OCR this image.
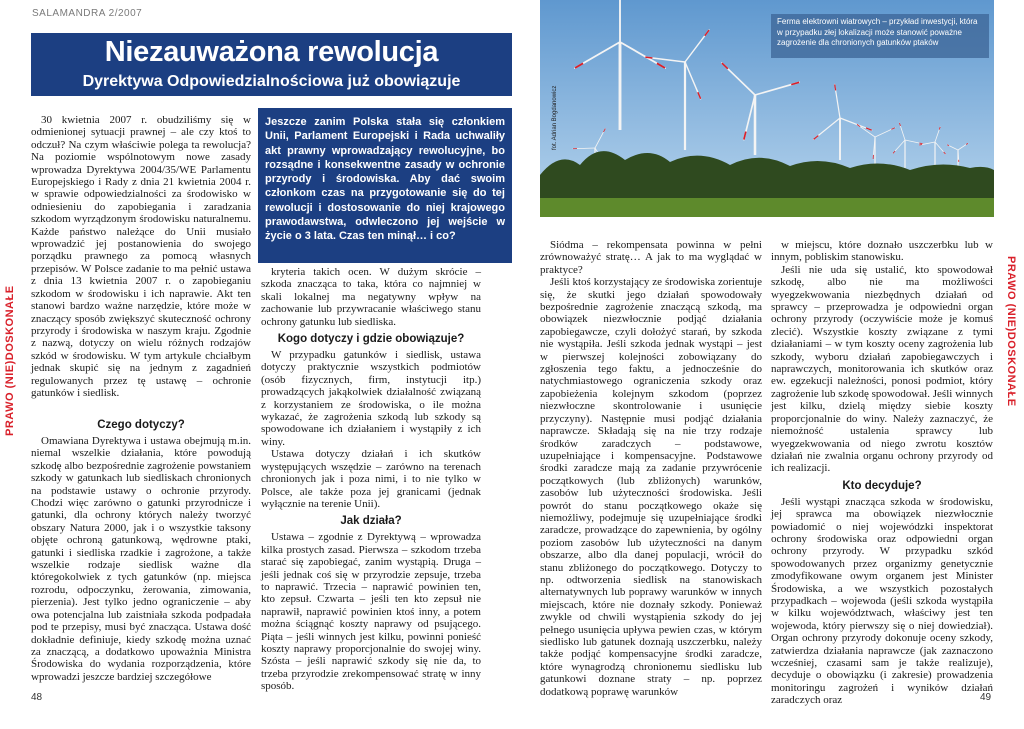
SALAMANDRA 2/2007
Niezauważona rewolucja
Dyrektywa Odpowiedzialnościowa już obowiązuje
PRAWO (NIE)DOSKONAŁE	PRAWO (NIE)DOSKONAŁE

30 kwietnia 2007 r. obudziliśmy się w odmienionej sytuacji prawnej – ale czy ktoś to odczuł? Na czym właściwie polega ta rewolucja? Na poziomie wspólnotowym nowe zasady wprowadza Dyrektywa 2004/35/WE Parlamentu Europejskiego i Rady z dnia 21 kwietnia 2004 r. w sprawie odpowiedzialności za środowisko w odniesieniu do zapobiegania i zaradzania szkodom wyrządzonym środowisku naturalnemu. Każde państwo należące do Unii musiało wprowadzić jej postanowienia do swojego porządku prawnego za pomocą własnych przepisów. W Polsce zadanie to ma pełnić ustawa z dnia 13 kwietnia 2007 r. o zapobieganiu szkodom w środowisku i ich naprawie. Akt ten stanowi bardzo ważne narzędzie, które może w znaczący sposób zwiększyć skuteczność ochrony przyrody i środowiska w naszym kraju. Zgodnie z nazwą, dotyczy on wielu różnych rodzajów szkód w środowisku. W tym artykule chciałbym jednak skupić się na jednym z zagadnień regulowanych przez tę ustawę – ochronie gatunków i siedlisk.

Czego dotyczy?

Omawiana Dyrektywa i ustawa obejmują m.in. niemal wszelkie działania, które powodują szkodę albo bezpośrednie zagrożenie powstaniem szkody w gatunkach lub siedliskach chronionych na podstawie ustawy o ochronie przyrody. Chodzi więc zarówno o gatunki przyrodnicze i gatunki, dla ochrony których należy tworzyć obszary Natura 2000, jak i o wszystkie taksony objęte ochroną gatunkową, wędrowne ptaki, gatunki i siedliska rzadkie i zagrożone, a także wszelkie rodzaje siedlisk ważne dla któregokolwiek z tych gatunków (np. miejsca rozrodu, odpoczynku, żerowania, zimowania, pierzenia). Jest tylko jedno ograniczenie – aby owa potencjalna lub zaistniała szkoda podpadała pod te przepisy, musi być znacząca. Ustawa dość dokładnie definiuje, kiedy szkodę można uznać za znaczącą, a dodatkowo upoważnia Ministra Środowiska do wydania rozporządzenia, które wprowadzi jeszcze bardziej szczegółowe

Jeszcze zanim Polska stała się członkiem Unii, Parlament Europejski i Rada uchwaliły akt prawny wprowadzający rewolucyjne, bo rozsądne i konsekwentne zasady w ochronie przyrody i środowiska. Aby dać swoim członkom czas na przygotowanie się do tej rewolucji i dostosowanie do niej krajowego prawodawstwa, odwleczono jej wejście w życie o 3 lata. Czas ten minął… i co?

kryteria takich ocen. W dużym skrócie – szkoda znacząca to taka, która co najmniej w skali lokalnej ma negatywny wpływ na zachowanie lub przywracanie właściwego stanu ochrony gatunku lub siedliska.

Kogo dotyczy i gdzie obowiązuje?

W przypadku gatunków i siedlisk, ustawa dotyczy praktycznie wszystkich podmiotów (osób fizycznych, firm, instytucji itp.) prowadzących jakąkolwiek działalność związaną z korzystaniem ze środowiska, o ile można wykazać, że zagrożenia szkodą lub szkody są spowodowane ich działaniem i wystąpiły z ich winy.

Ustawa dotyczy działań i ich skutków występujących wszędzie – zarówno na terenach chronionych jak i poza nimi, i to nie tylko w Polsce, ale także poza jej granicami (jednak wyłącznie na terenie Unii).

Jak działa?

Ustawa – zgodnie z Dyrektywą – wprowadza kilka prostych zasad. Pierwsza – szkodom trzeba starać się zapobiegać, zanim wystąpią. Druga – jeśli jednak coś się w przyrodzie zepsuje, trzeba to naprawić. Trzecia – naprawić powinien ten, kto zepsuł. Czwarta – jeśli ten kto zepsuł nie naprawił, naprawić powinien ktoś inny, a potem można ściągnąć koszty naprawy od psującego. Piąta – jeśli winnych jest kilku, powinni ponieść koszty naprawy proporcjonalnie do swojej winy. Szósta – jeśli naprawić szkody się nie da, to trzeba przyrodzie zrekompensować stratę w inny sposób.

Ferma elektrowni wiatrowych – przykład inwestycji, która w przypadku złej lokalizacji może stanowić poważne zagrożenie dla chronionych gatunków ptaków
fot. Adrian Bogdanowicz

Siódma – rekompensata powinna w pełni zrównoważyć stratę… A jak to ma wyglądać w praktyce?

Jeśli ktoś korzystający ze środowiska zorientuje się, że skutki jego działań spowodowały bezpośrednie zagrożenie znaczącą szkodą, ma obowiązek niezwłocznie podjąć działania zapobiegawcze, czyli dołożyć starań, by szkoda nie wystąpiła. Jeśli szkoda jednak wystąpi – jest w pierwszej kolejności zobowiązany do zgłoszenia tego faktu, a jednocześnie do natychmiastowego ograniczenia szkody oraz zapobieżenia kolejnym szkodom (poprzez niezwłoczne skontrolowanie i usunięcie przyczyny). Następnie musi podjąć działania naprawcze. Składają się na nie trzy rodzaje środków zaradczych – podstawowe, uzupełniające i kompensacyjne. Podstawowe środki zaradcze mają za zadanie przywrócenie początkowych (lub zbliżonych) warunków, zasobów lub użyteczności środowiska. Jeśli powrót do stanu początkowego okaże się niemożliwy, podejmuje się uzupełniające środki zaradcze, prowadzące do zapewnienia, by ogólny poziom zasobów lub użyteczności na danym obszarze, albo dla danej populacji, wrócił do stanu zbliżonego do początkowego. Dotyczy to np. odtworzenia siedlisk na stanowiskach alternatywnych lub poprawy warunków w innych miejscach, które nie doznały szkody. Ponieważ zwykle od chwili wystąpienia szkody do jej pełnego usunięcia upływa pewien czas, w którym siedlisko lub gatunek doznają uszczerbku, należy także podjąć kompensacyjne środki zaradcze, które wynagrodzą chronionemu siedlisku lub gatunkowi doznane straty – np. poprzez dodatkową poprawę warunków

w miejscu, które doznało uszczerbku lub w innym, pobliskim stanowisku.

Jeśli nie uda się ustalić, kto spowodował szkodę, albo nie ma możliwości wyegzekwowania niezbędnych działań od sprawcy – przeprowadza je odpowiedni organ ochrony przyrody (oczywiście może je komuś zlecić). Wszystkie koszty związane z tymi działaniami – w tym koszty oceny zagrożenia lub szkody, wyboru działań zapobiegawczych i naprawczych, monitorowania ich skutków oraz ew. egzekucji należności, ponosi podmiot, który zagrożenie lub szkodę spowodował. Jeśli winnych jest kilku, dzielą między siebie koszty proporcjonalnie do winy. Należy zaznaczyć, że niemożność ustalenia sprawcy lub wyegzekwowania od niego zwrotu kosztów działań nie zwalnia organu ochrony przyrody od ich realizacji.

Kto decyduje?

Jeśli wystąpi znacząca szkoda w środowisku, jej sprawca ma obowiązek niezwłocznie powiadomić o niej wojewódzki inspektorat ochrony środowiska oraz odpowiedni organ ochrony przyrody. W przypadku szkód spowodowanych przez organizmy genetycznie zmodyfikowane owym organem jest Minister Środowiska, a we wszystkich pozostałych przypadkach – wojewoda (jeśli szkoda wystąpiła w kilku województwach, właściwy jest ten wojewoda, który pierwszy się o niej dowiedział). Organ ochrony przyrody dokonuje oceny szkody, zatwierdza działania naprawcze (jak zaznaczono wcześniej, czasami sam je także realizuje), decyduje o obowiązku (i zakresie) prowadzenia monitoringu zagrożeń i wyników działań zaradczych oraz

48	49
